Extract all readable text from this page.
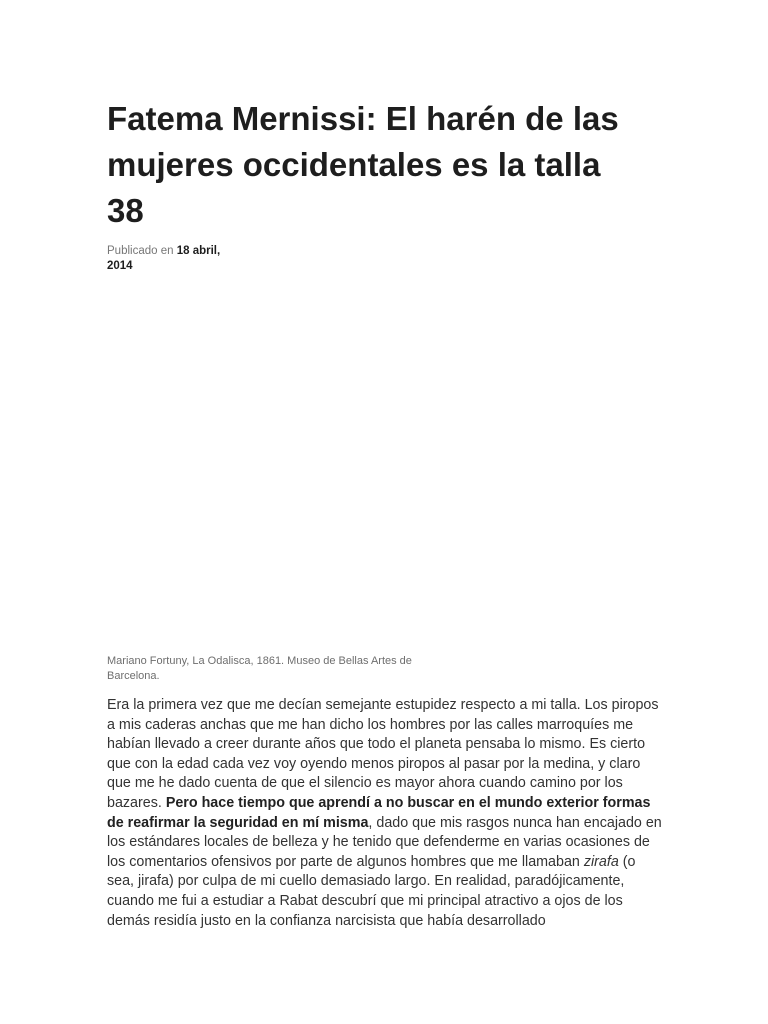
Fatema Mernissi: El harén de las mujeres occidentales es la talla 38
Publicado en 18 abril, 2014
Mariano Fortuny, La Odalisca, 1861. Museo de Bellas Artes de Barcelona.

Era la primera vez que me decían semejante estupidez respecto a mi talla. Los piropos a mis caderas anchas que me han dicho los hombres por las calles marroquíes me habían llevado a creer durante años que todo el planeta pensaba lo mismo. Es cierto que con la edad cada vez voy oyendo menos piropos al pasar por la medina, y claro que me he dado cuenta de que el silencio es mayor ahora cuando camino por los bazares. Pero hace tiempo que aprendí a no buscar en el mundo exterior formas de reafirmar la seguridad en mí misma, dado que mis rasgos nunca han encajado en los estándares locales de belleza y he tenido que defenderme en varias ocasiones de los comentarios ofensivos por parte de algunos hombres que me llamaban zirafa (o sea, jirafa) por culpa de mi cuello demasiado largo. En realidad, paradójicamente, cuando me fui a estudiar a Rabat descubrí que mi principal atractivo a ojos de los demás residía justo en la confianza narcisista que había desarrollado
